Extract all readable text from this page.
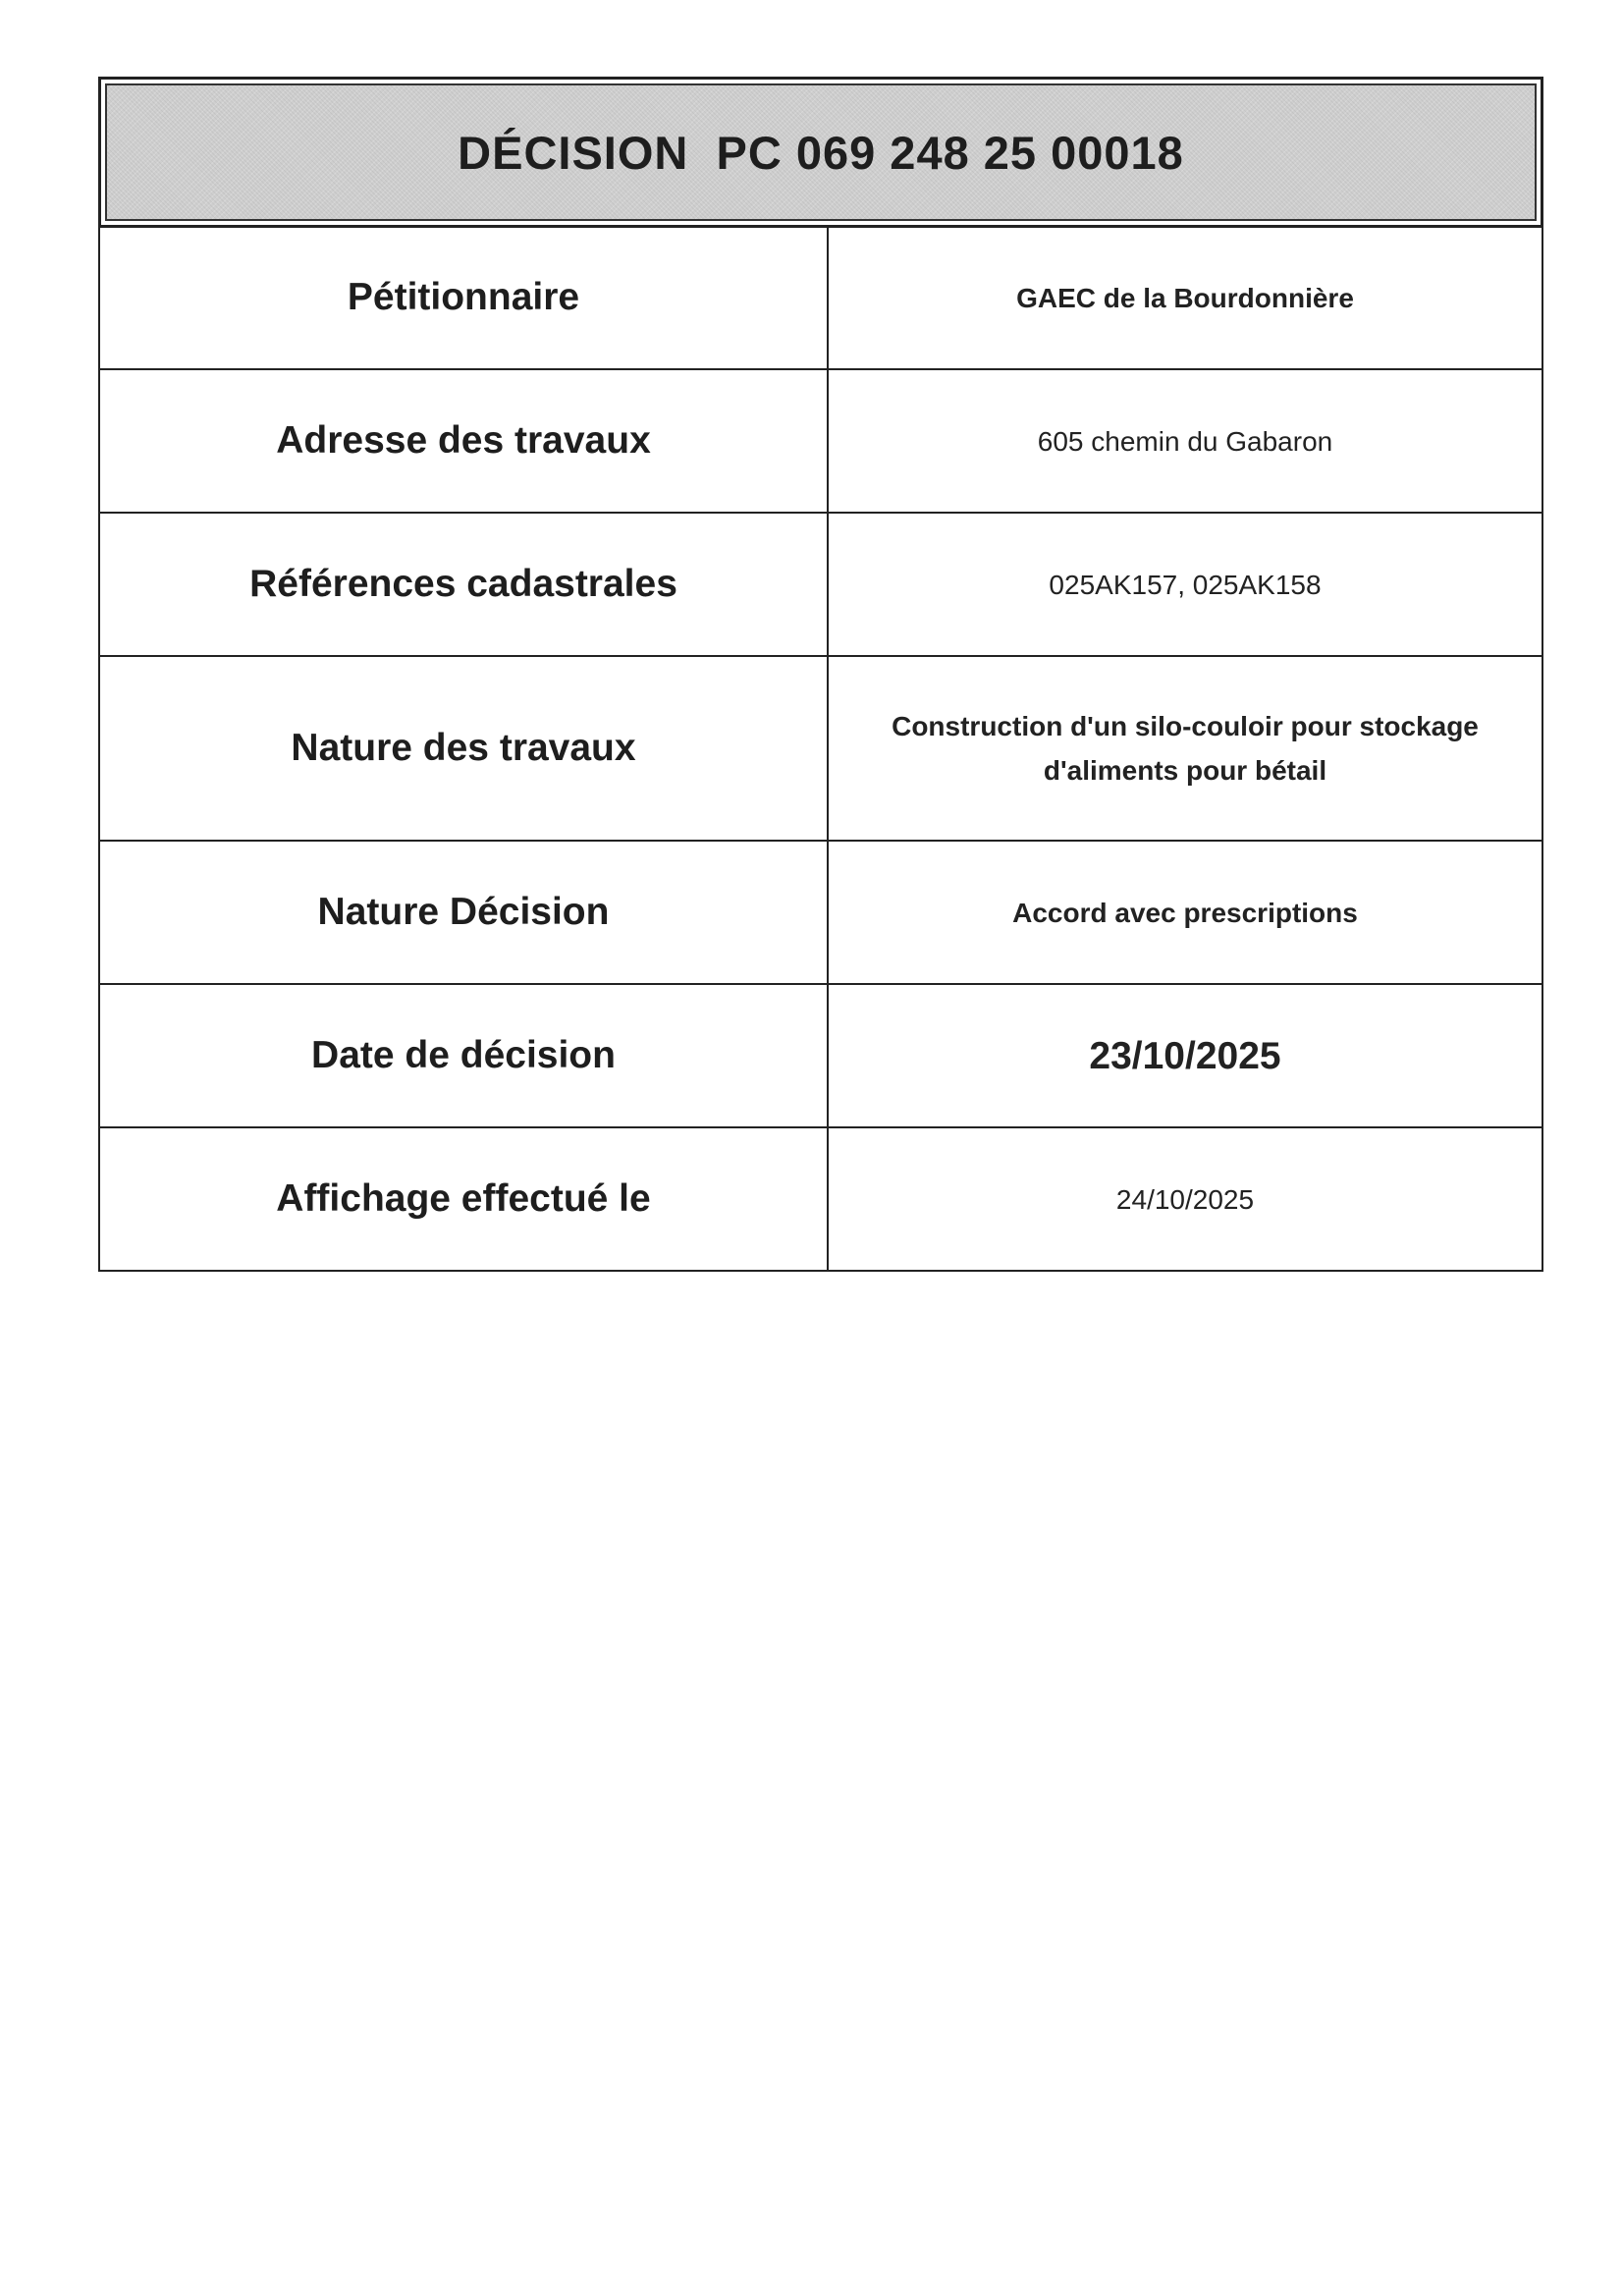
DÉCISION  PC 069 248 25 00018
Pétitionnaire	GAEC de la Bourdonnière
Adresse des travaux	605 chemin du Gabaron
Références cadastrales	025AK157, 025AK158
Nature des travaux	Construction d'un silo-couloir pour stockage
d'aliments pour bétail

Nature Décision	Accord avec prescriptions
Date de décision	23/10/2025
Affichage effectué le	24/10/2025
